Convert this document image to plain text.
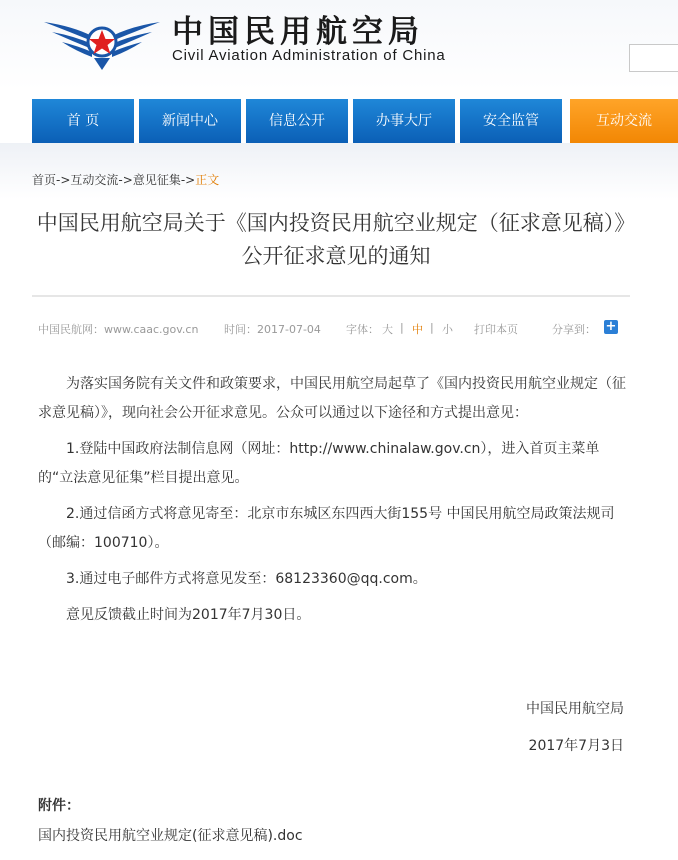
中国民用航空局
Civil Aviation Administration of China
首 页	新闻中心	信息公开	办事大厅	安全监管	互动交流
首页->互动交流->意见征集->正文
中国民用航空局关于《国内投资民用航空业规定（征求意见稿）》公开征求意见的通知
中国民航网：www.caac.gov.cn 时间：2017-07-04 字体： 大 | 中 | 小 打印本页	分享到： +

为落实国务院有关文件和政策要求，中国民用航空局起草了《国内投资民用航空业规定（征求意见稿）》，现向社会公开征求意见。公众可以通过以下途径和方式提出意见：

1.登陆中国政府法制信息网（网址：http://www.chinalaw.gov.cn），进入首页主菜单的“立法意见征集”栏目提出意见。

2.通过信函方式将意见寄至：北京市东城区东四西大街155号 中国民用航空局政策法规司（邮编：100710）。

3.通过电子邮件方式将意见发至：68123360@qq.com。

意见反馈截止时间为2017年7月30日。

中国民用航空局
2017年7月3日
附件：
国内投资民用航空业规定(征求意见稿).doc
